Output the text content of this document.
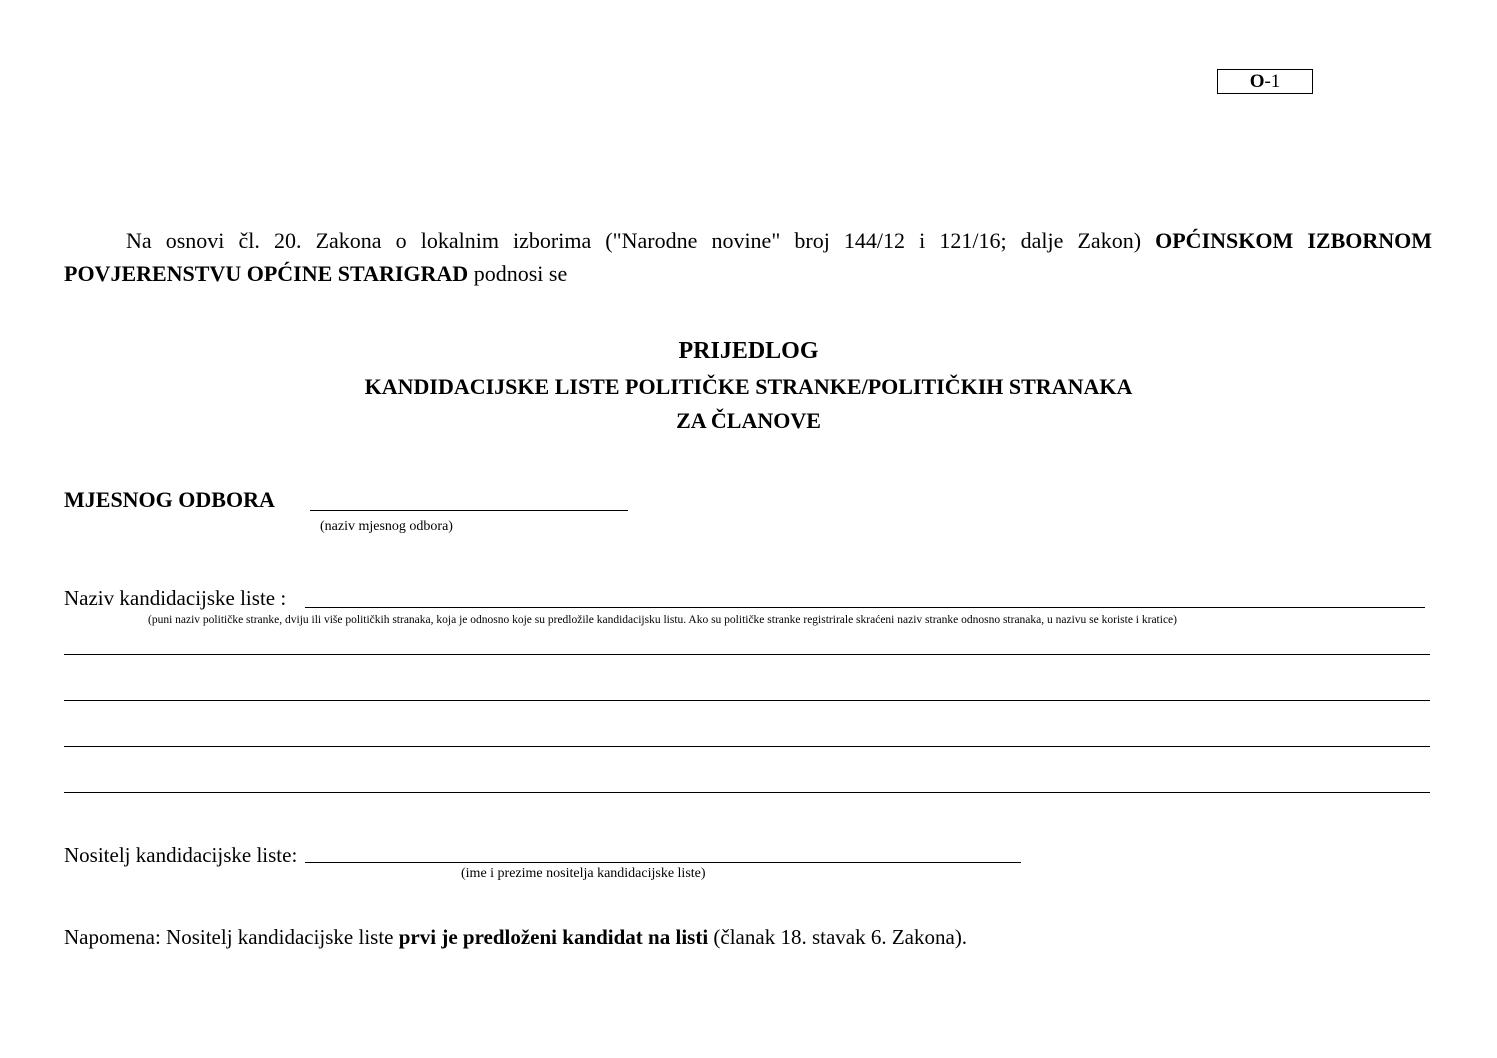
O-1
Na osnovi čl. 20. Zakona o lokalnim izborima ("Narodne novine" broj 144/12 i 121/16; dalje Zakon) OPĆINSKOM IZBORNOM POVJERENSTVU OPĆINE STARIGRAD podnosi se
PRIJEDLOG
KANDIDACIJSKE LISTE POLITIČKE STRANKE/POLITIČKIH STRANAKA
ZA ČLANOVE
MJESNOG ODBORA
(naziv mjesnog odbora)
Naziv kandidacijske liste :
(puni naziv političke stranke, dviju ili više političkih stranaka, koja je odnosno koje su predložile kandidacijsku listu. Ako su političke stranke registrirale skraćeni naziv stranke odnosno stranaka, u nazivu se koriste i kratice)
Nositelj kandidacijske liste:
(ime i prezime nositelja kandidacijske liste)
Napomena: Nositelj kandidacijske liste prvi je predloženi kandidat na listi (članak 18. stavak 6. Zakona).
